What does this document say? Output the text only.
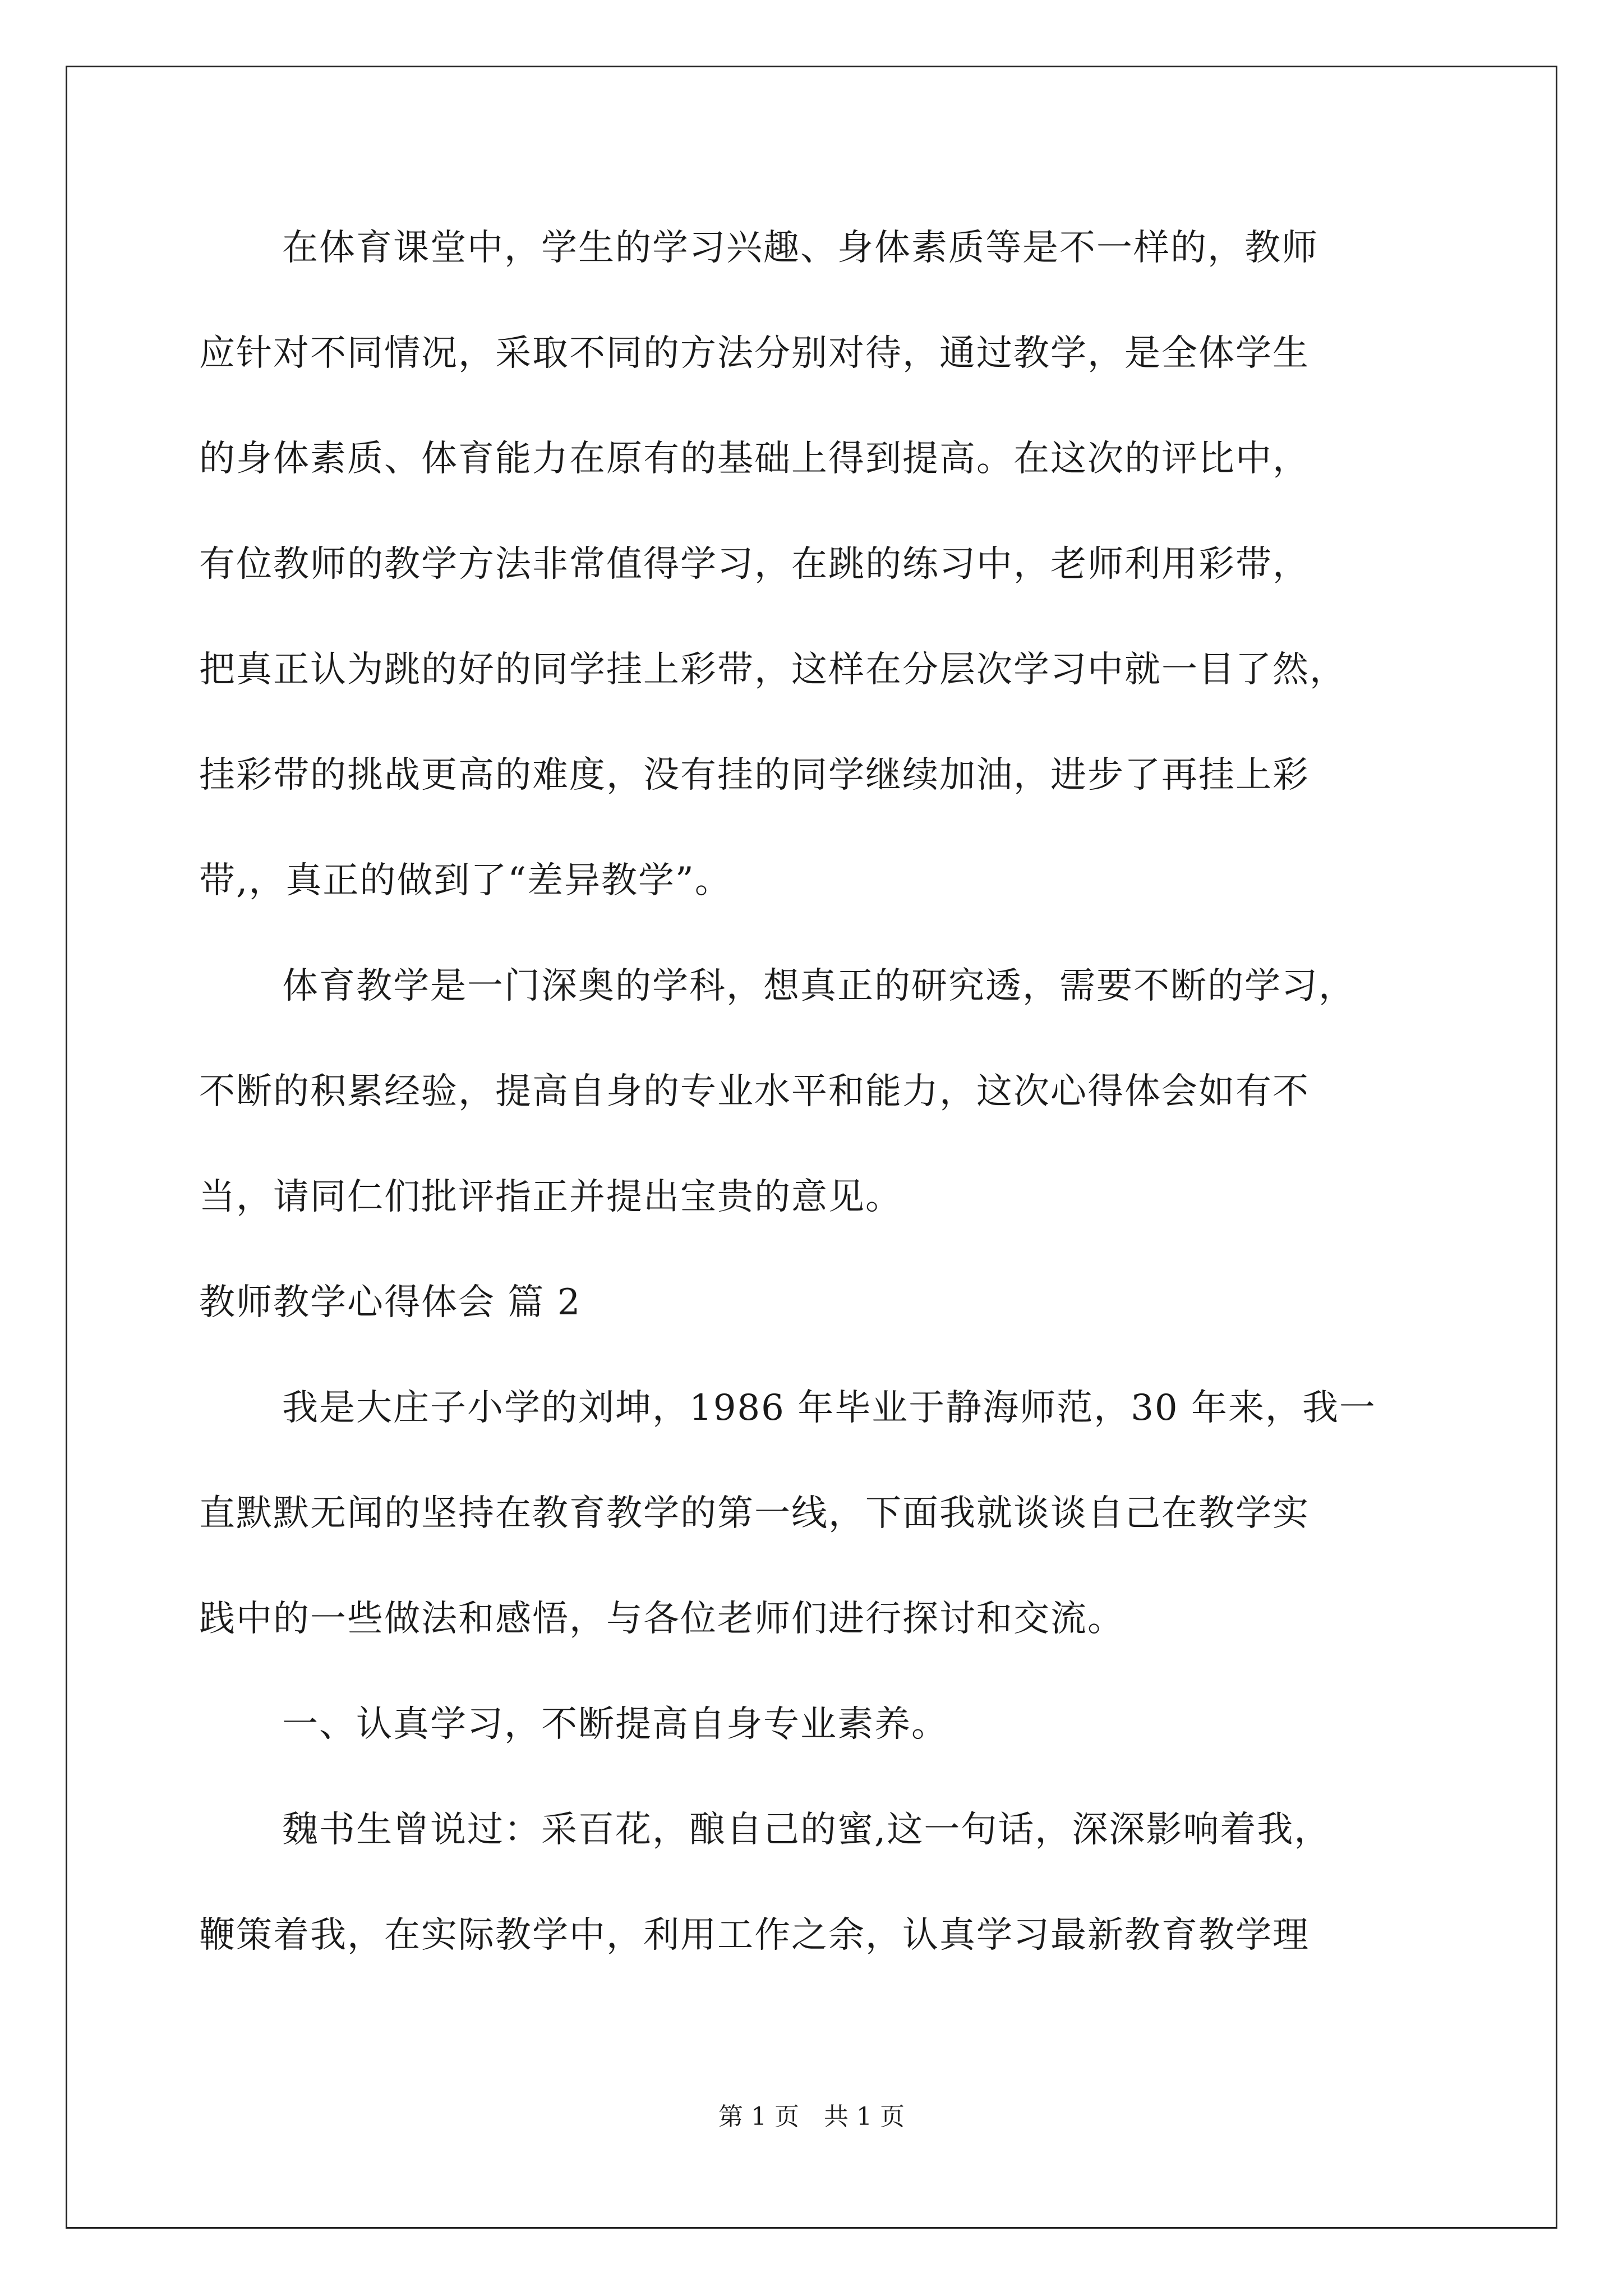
在体育课堂中，学生的学习兴趣、身体素质等是不一样的，教师
应针对不同情况，采取不同的方法分别对待，通过教学，是全体学生
的身体素质、体育能力在原有的基础上得到提高。在这次的评比中，
有位教师的教学方法非常值得学习，在跳的练习中，老师利用彩带，
把真正认为跳的好的同学挂上彩带，这样在分层次学习中就一目了然，
挂彩带的挑战更高的难度，没有挂的同学继续加油，进步了再挂上彩
带,，真正的做到了“差异教学”。
体育教学是一门深奥的学科，想真正的研究透，需要不断的学习，
不断的积累经验，提高自身的专业水平和能力，这次心得体会如有不
当，请同仁们批评指正并提出宝贵的意见。
教师教学心得体会 篇 2
我是大庄子小学的刘坤，1986 年毕业于静海师范，30 年来，我一
直默默无闻的坚持在教育教学的第一线，下面我就谈谈自己在教学实
践中的一些做法和感悟，与各位老师们进行探讨和交流。
一、认真学习，不断提高自身专业素养。
魏书生曾说过：采百花，酿自己的蜜,这一句话，深深影响着我，
鞭策着我，在实际教学中，利用工作之余，认真学习最新教育教学理
第 1 页　共 1 页
